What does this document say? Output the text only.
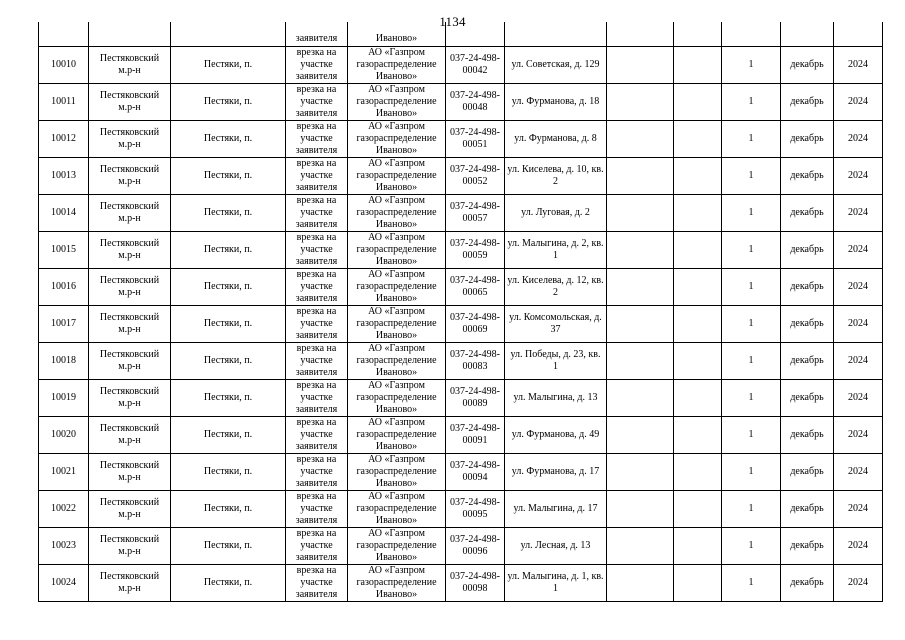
1134
			заявителя	Иваново»							
10010	Пестяковский м.р-н	Пестяки, п.	врезка на участке заявителя	АО «Газпром газораспределение Иваново»	037-24-498-00042	ул. Советская, д. 129			1	декабрь	2024
10011	Пестяковский м.р-н	Пестяки, п.	врезка на участке заявителя	АО «Газпром газораспределение Иваново»	037-24-498-00048	ул. Фурманова, д. 18			1	декабрь	2024
10012	Пестяковский м.р-н	Пестяки, п.	врезка на участке заявителя	АО «Газпром газораспределение Иваново»	037-24-498-00051	ул. Фурманова, д. 8			1	декабрь	2024
10013	Пестяковский м.р-н	Пестяки, п.	врезка на участке заявителя	АО «Газпром газораспределение Иваново»	037-24-498-00052	ул. Киселева, д. 10, кв. 2			1	декабрь	2024
10014	Пестяковский м.р-н	Пестяки, п.	врезка на участке заявителя	АО «Газпром газораспределение Иваново»	037-24-498-00057	ул. Луговая, д. 2			1	декабрь	2024
10015	Пестяковский м.р-н	Пестяки, п.	врезка на участке заявителя	АО «Газпром газораспределение Иваново»	037-24-498-00059	ул. Малыгина, д. 2, кв. 1			1	декабрь	2024
10016	Пестяковский м.р-н	Пестяки, п.	врезка на участке заявителя	АО «Газпром газораспределение Иваново»	037-24-498-00065	ул. Киселева, д. 12, кв. 2			1	декабрь	2024
10017	Пестяковский м.р-н	Пестяки, п.	врезка на участке заявителя	АО «Газпром газораспределение Иваново»	037-24-498-00069	ул. Комсомольская, д. 37			1	декабрь	2024
10018	Пестяковский м.р-н	Пестяки, п.	врезка на участке заявителя	АО «Газпром газораспределение Иваново»	037-24-498-00083	ул. Победы, д. 23, кв. 1			1	декабрь	2024
10019	Пестяковский м.р-н	Пестяки, п.	врезка на участке заявителя	АО «Газпром газораспределение Иваново»	037-24-498-00089	ул. Малыгина, д. 13			1	декабрь	2024
10020	Пестяковский м.р-н	Пестяки, п.	врезка на участке заявителя	АО «Газпром газораспределение Иваново»	037-24-498-00091	ул. Фурманова, д. 49			1	декабрь	2024
10021	Пестяковский м.р-н	Пестяки, п.	врезка на участке заявителя	АО «Газпром газораспределение Иваново»	037-24-498-00094	ул. Фурманова, д. 17			1	декабрь	2024
10022	Пестяковский м.р-н	Пестяки, п.	врезка на участке заявителя	АО «Газпром газораспределение Иваново»	037-24-498-00095	ул. Малыгина, д. 17			1	декабрь	2024
10023	Пестяковский м.р-н	Пестяки, п.	врезка на участке заявителя	АО «Газпром газораспределение Иваново»	037-24-498-00096	ул. Лесная, д. 13			1	декабрь	2024
10024	Пестяковский м.р-н	Пестяки, п.	врезка на участке заявителя	АО «Газпром газораспределение Иваново»	037-24-498-00098	ул. Малыгина, д. 1, кв. 1			1	декабрь	2024
